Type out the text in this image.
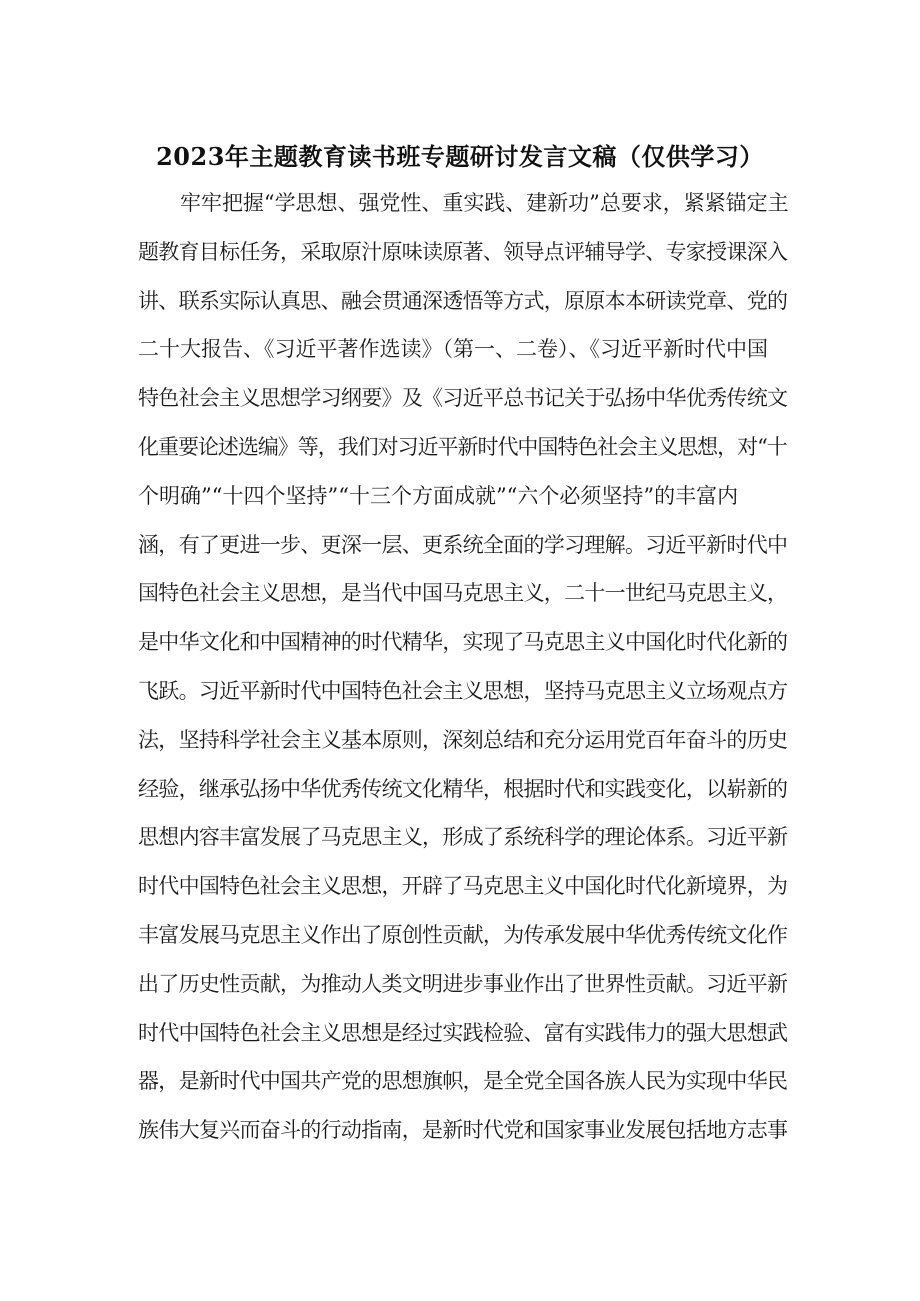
2023年主题教育读书班专题研讨发言文稿（仅供学习）
牢牢把握“学思想、强党性、重实践、建新功”总要求，紧紧锚定主
题教育目标任务，采取原汁原味读原著、领导点评辅导学、专家授课深入
讲、联系实际认真思、融会贯通深透悟等方式，原原本本研读党章、党的
二十大报告、《习近平著作选读》（第一、二卷）、《习近平新时代中国
特色社会主义思想学习纲要》及《习近平总书记关于弘扬中华优秀传统文
化重要论述选编》等，我们对习近平新时代中国特色社会主义思想，对“十
个明确”“十四个坚持”“十三个方面成就”“六个必须坚持”的丰富内
涵，有了更进一步、更深一层、更系统全面的学习理解。习近平新时代中
国特色社会主义思想，是当代中国马克思主义，二十一世纪马克思主义，
是中华文化和中国精神的时代精华，实现了马克思主义中国化时代化新的
飞跃。习近平新时代中国特色社会主义思想，坚持马克思主义立场观点方
法，坚持科学社会主义基本原则，深刻总结和充分运用党百年奋斗的历史
经验，继承弘扬中华优秀传统文化精华，根据时代和实践变化，以崭新的
思想内容丰富发展了马克思主义，形成了系统科学的理论体系。习近平新
时代中国特色社会主义思想，开辟了马克思主义中国化时代化新境界，为
丰富发展马克思主义作出了原创性贡献，为传承发展中华优秀传统文化作
出了历史性贡献，为推动人类文明进步事业作出了世界性贡献。习近平新
时代中国特色社会主义思想是经过实践检验、富有实践伟力的强大思想武
器，是新时代中国共产党的思想旗帜，是全党全国各族人民为实现中华民
族伟大复兴而奋斗的行动指南，是新时代党和国家事业发展包括地方志事
